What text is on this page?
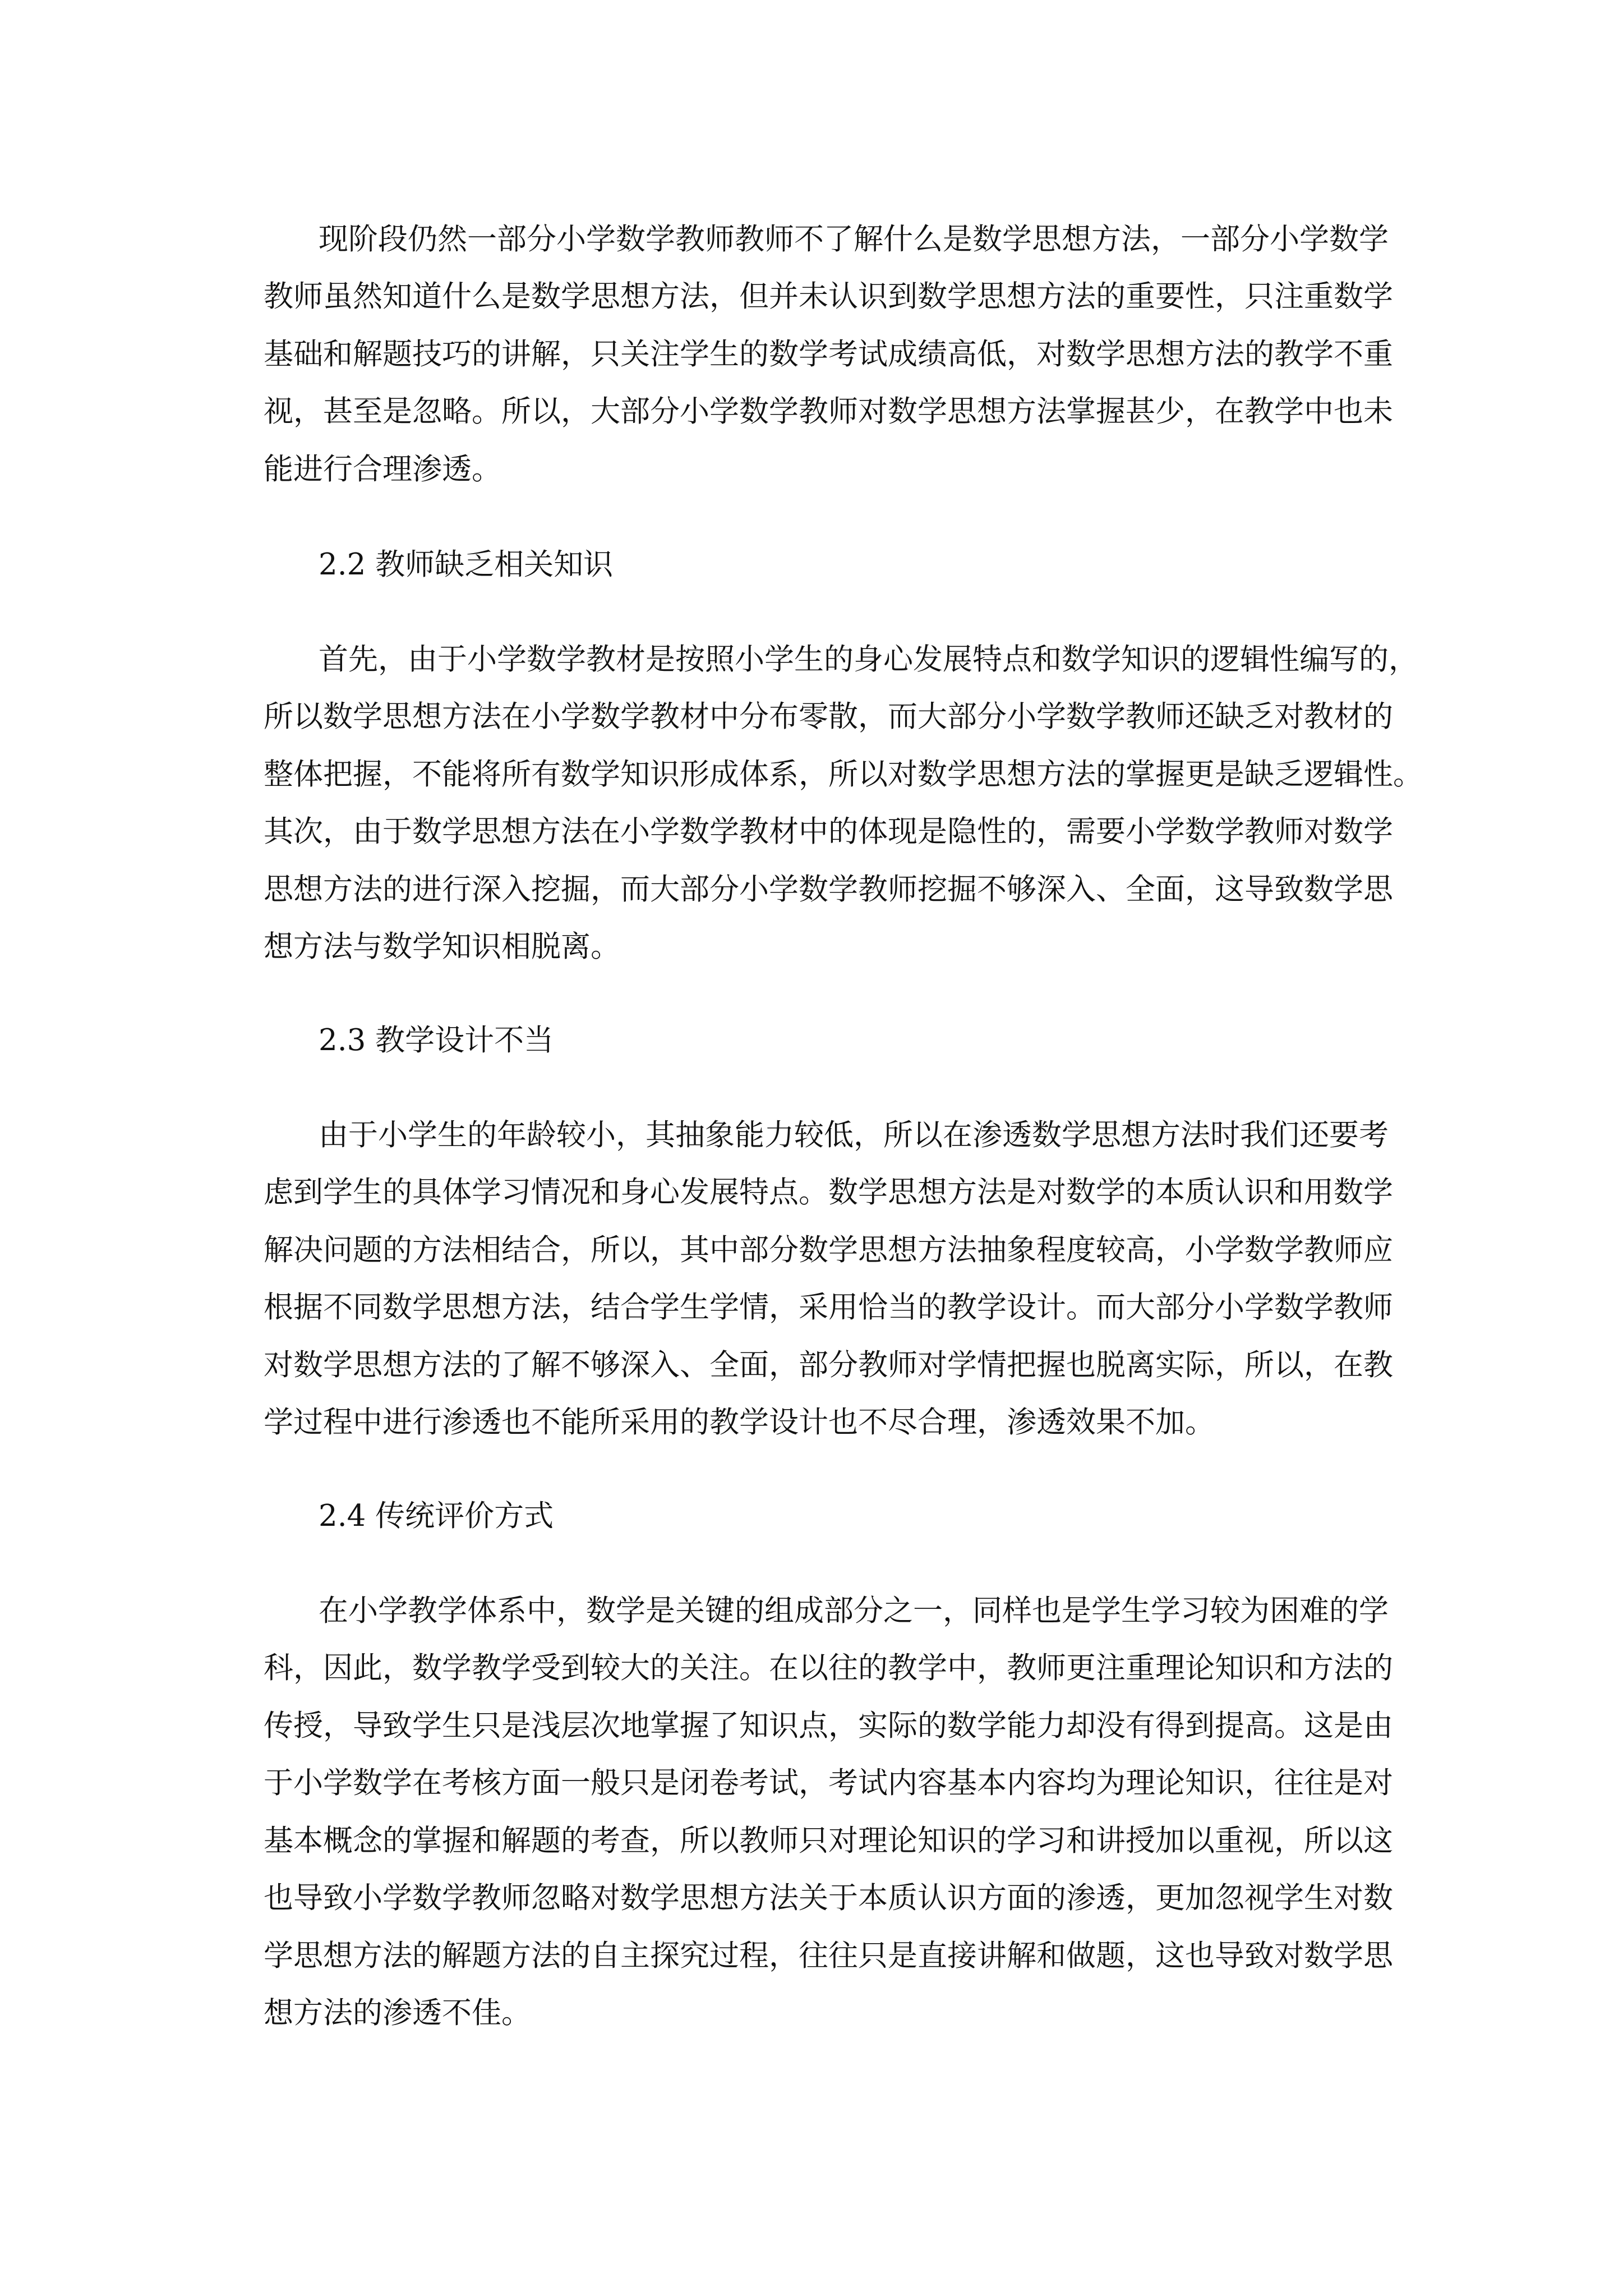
现阶段仍然一部分小学数学教师教师不了解什么是数学思想方法，一部分小学数学
教师虽然知道什么是数学思想方法，但并未认识到数学思想方法的重要性，只注重数学
基础和解题技巧的讲解，只关注学生的数学考试成绩高低，对数学思想方法的教学不重
视，甚至是忽略。所以，大部分小学数学教师对数学思想方法掌握甚少，在教学中也未
能进行合理渗透。
2.2 教师缺乏相关知识
首先，由于小学数学教材是按照小学生的身心发展特点和数学知识的逻辑性编写的，
所以数学思想方法在小学数学教材中分布零散，而大部分小学数学教师还缺乏对教材的
整体把握，不能将所有数学知识形成体系，所以对数学思想方法的掌握更是缺乏逻辑性。
其次，由于数学思想方法在小学数学教材中的体现是隐性的，需要小学数学教师对数学
思想方法的进行深入挖掘，而大部分小学数学教师挖掘不够深入、全面，这导致数学思
想方法与数学知识相脱离。
2.3 教学设计不当
由于小学生的年龄较小，其抽象能力较低，所以在渗透数学思想方法时我们还要考
虑到学生的具体学习情况和身心发展特点。数学思想方法是对数学的本质认识和用数学
解决问题的方法相结合，所以，其中部分数学思想方法抽象程度较高，小学数学教师应
根据不同数学思想方法，结合学生学情，采用恰当的教学设计。而大部分小学数学教师
对数学思想方法的了解不够深入、全面，部分教师对学情把握也脱离实际，所以，在教
学过程中进行渗透也不能所采用的教学设计也不尽合理，渗透效果不加。
2.4 传统评价方式
在小学教学体系中，数学是关键的组成部分之一，同样也是学生学习较为困难的学
科，因此，数学教学受到较大的关注。在以往的教学中，教师更注重理论知识和方法的
传授，导致学生只是浅层次地掌握了知识点，实际的数学能力却没有得到提高。这是由
于小学数学在考核方面一般只是闭卷考试，考试内容基本内容均为理论知识，往往是对
基本概念的掌握和解题的考查，所以教师只对理论知识的学习和讲授加以重视，所以这
也导致小学数学教师忽略对数学思想方法关于本质认识方面的渗透，更加忽视学生对数
学思想方法的解题方法的自主探究过程，往往只是直接讲解和做题，这也导致对数学思
想方法的渗透不佳。
